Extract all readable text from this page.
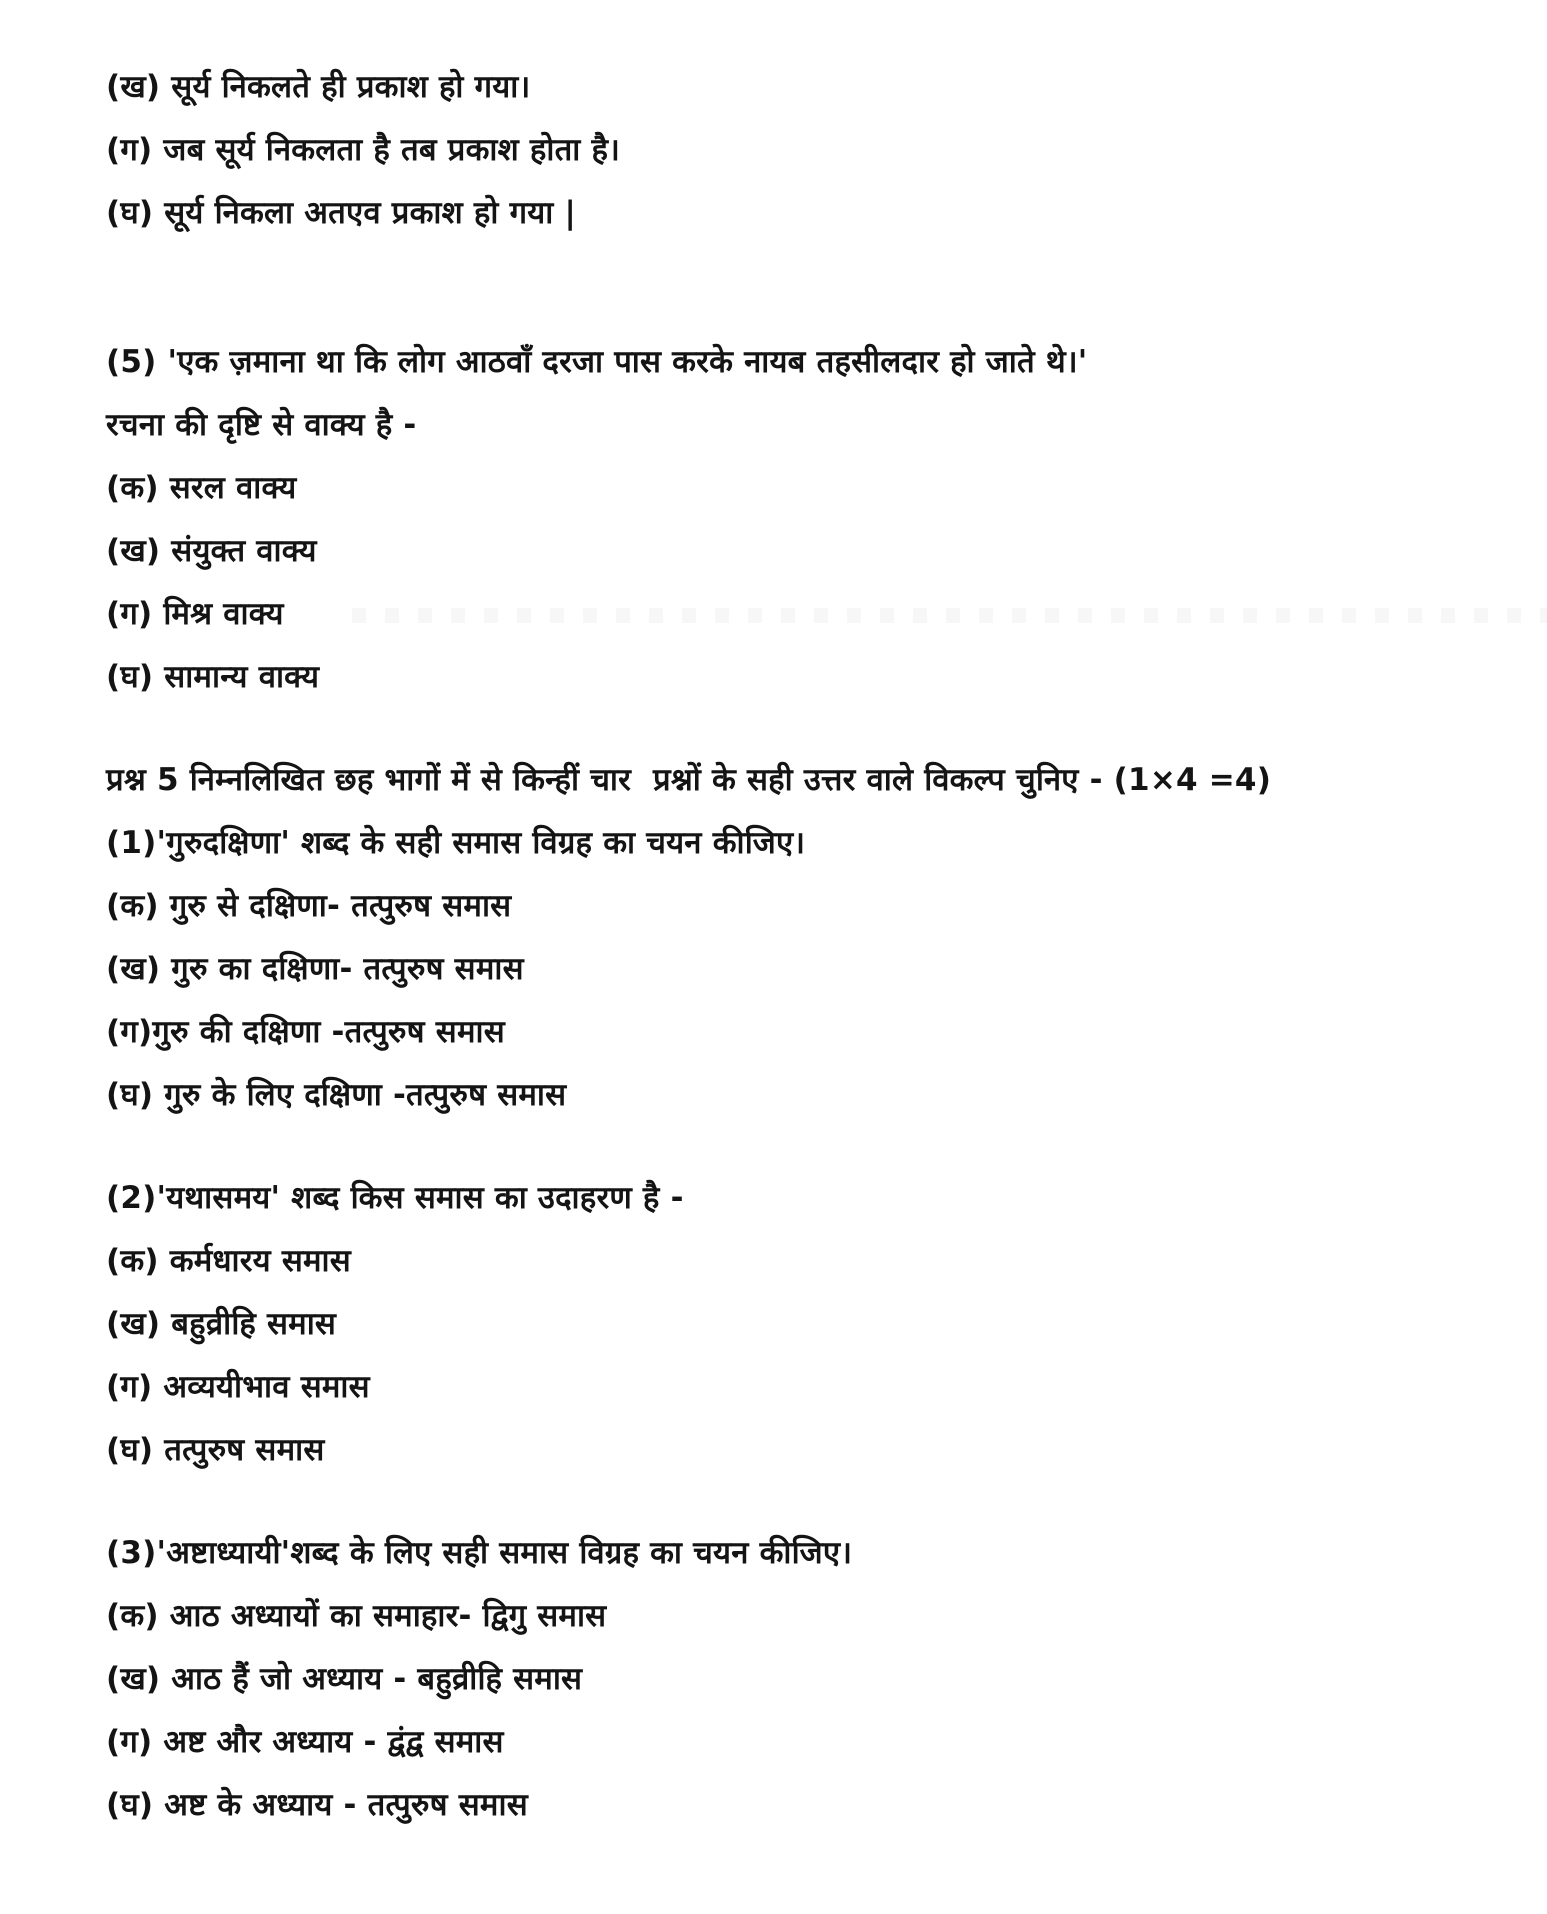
(ख) सूर्य निकलते ही प्रकाश हो गया।
(ग) जब सूर्य निकलता है तब प्रकाश होता है।
(घ) सूर्य निकला अतएव प्रकाश हो गया |
(5) 'एक ज़माना था कि लोग आठवाँ दरजा पास करके नायब तहसीलदार हो जाते थे।'
रचना की दृष्टि से वाक्य है -
(क) सरल वाक्य
(ख) संयुक्त वाक्य
(ग) मिश्र वाक्य
(घ) सामान्य वाक्य
प्रश्न 5 निम्नलिखित छह भागों में से किन्हीं चार  प्रश्नों के सही उत्तर वाले विकल्प चुनिए - (1×4 =4)
(1)'गुरुदक्षिणा' शब्द के सही समास विग्रह का चयन कीजिए।
(क) गुरु से दक्षिणा- तत्पुरुष समास
(ख) गुरु का दक्षिणा- तत्पुरुष समास
(ग)गुरु की दक्षिणा -तत्पुरुष समास
(घ) गुरु के लिए दक्षिणा -तत्पुरुष समास
(2)'यथासमय' शब्द किस समास का उदाहरण है -
(क) कर्मधारय समास
(ख) बहुव्रीहि समास
(ग) अव्ययीभाव समास
(घ) तत्पुरुष समास
(3)'अष्टाध्यायी'शब्द के लिए सही समास विग्रह का चयन कीजिए।
(क) आठ अध्यायों का समाहार- द्विगु समास
(ख) आठ हैं जो अध्याय - बहुव्रीहि समास
(ग) अष्ट और अध्याय - द्वंद्व समास
(घ) अष्ट के अध्याय - तत्पुरुष समास
